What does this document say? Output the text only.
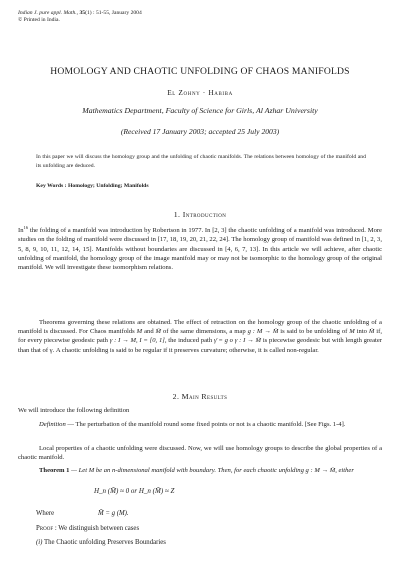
Indian J. pure appl. Math., 35(1) : 51-55, January 2004
© Printed in India.
HOMOLOGY AND CHAOTIC UNFOLDING OF CHAOS MANIFOLDS
El Zohny · Habiba
Mathematics Department, Faculty of Science for Girls, Al Azhar University
(Received 17 January 2003; accepted 25 July 2003)
In this paper we will discuss the homology group and the unfolding of chaotic manifolds. The relations between homology of the manifold and its unfolding are deduced.
Key Words : Homology; Unfolding; Manifolds
1. Introduction
In$^{16}$ the folding of a manifold was introduction by Robertson in 1977. In [2, 3] the chaotic unfolding of a manifold was introduced. More studies on the folding of manifold were discussed in [17, 18, 19, 20, 21, 22, 24]. The homology group of manifold was defined in [1, 2, 3, 5, 8, 9, 10, 11, 12, 14, 15]. Manifolds without boundaries are discussed in [4, 6, 7, 13]. In this article we will achieve, after chaotic unfolding of manifold, the homology group of the image manifold may or may not be isomorphic to the homology group of the original manifold. We will investigate these isomorphism relations.
Theorems governing these relations are obtained. The effect of retraction on the homology group of the chaotic unfolding of a manifold is discussed. For Chaos manifolds M and M̄ of the same dimensions, a map g : M → M̄ is said to be unfolding of M into M̄ if, for every piecewise geodesic path γ : I → M, I = [0, 1], the induced path γ̄ = g ο γ : I → M̄ is piecewise geodesic but with length greater than that of γ. A chaotic unfolding is said to be regular if it preserves curvature; otherwise, it is called non-regular.
2. Main Results
We will introduce the following definition
Definition — The perturbation of the manifold round some fixed points or not is a chaotic manifold. [See Figs. 1-4].
Local properties of a chaotic unfolding were discussed. Now, we will use homology groups to describe the global properties of a chaotic manifold.
Theorem 1 — Let M be an n-dimensional manifold with boundary. Then, for each chaotic unfolding g : M → M̄, either
H_n (M̄) ≈ 0 or H_n (M̄) ≈ Z
Where	M̄ = g (M).
Proof : We distinguish between cases
(i) The Chaotic unfolding Preserves Boundaries
